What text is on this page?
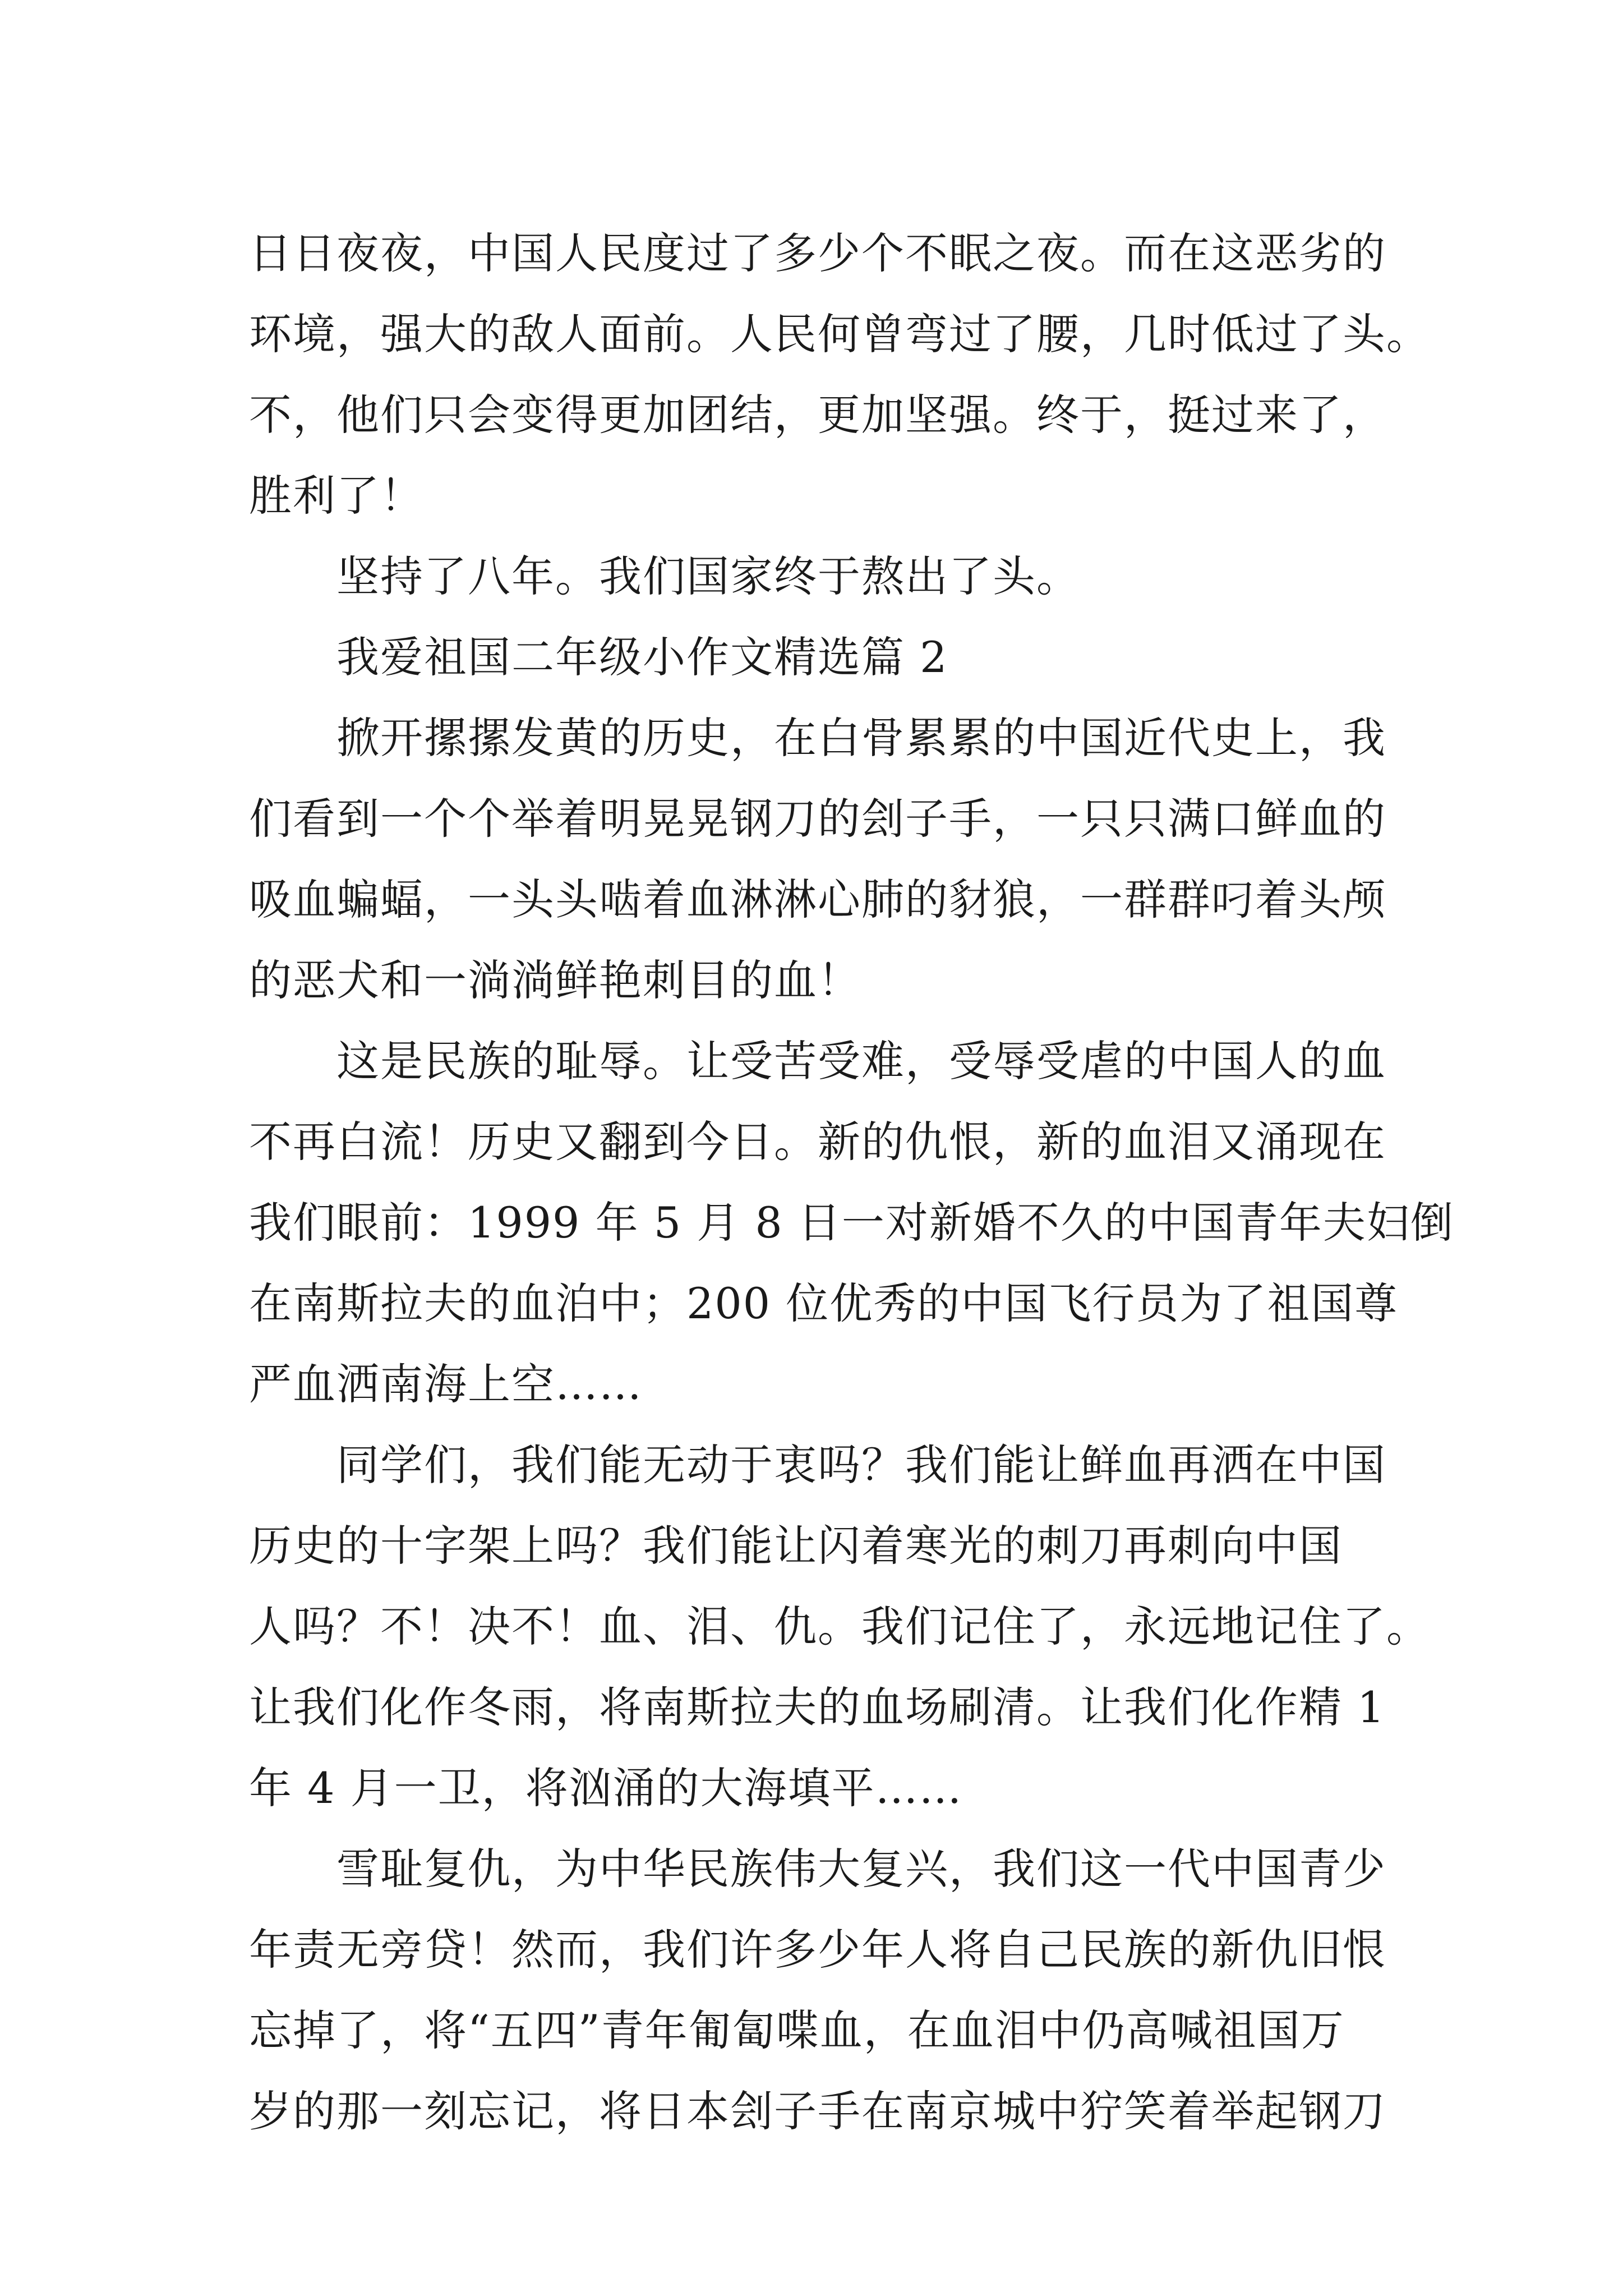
日日夜夜，中国人民度过了多少个不眠之夜。而在这恶劣的
环境，强大的敌人面前。人民何曾弯过了腰，几时低过了头。
不，他们只会变得更加团结，更加坚强。终于，挺过来了，
胜利了！
　　坚持了八年。我们国家终于熬出了头。
　　我爱祖国二年级小作文精选篇 2
　　掀开摞摞发黄的历史，在白骨累累的中国近代史上，我
们看到一个个举着明晃晃钢刀的刽子手，一只只满口鲜血的
吸血蝙蝠，一头头啮着血淋淋心肺的豺狼，一群群叼着头颅
的恶犬和一淌淌鲜艳刺目的血！
　　这是民族的耻辱。让受苦受难，受辱受虐的中国人的血
不再白流！历史又翻到今日。新的仇恨，新的血泪又涌现在
我们眼前：1999 年 5 月 8 日一对新婚不久的中国青年夫妇倒
在南斯拉夫的血泊中；200 位优秀的中国飞行员为了祖国尊
严血洒南海上空……
　　同学们，我们能无动于衷吗？我们能让鲜血再洒在中国
历史的十字架上吗？我们能让闪着寒光的刺刀再刺向中国
人吗？不！决不！血、泪、仇。我们记住了，永远地记住了。
让我们化作冬雨，将南斯拉夫的血场刷清。让我们化作精 1
年 4 月一卫，将汹涌的大海填平……
　　雪耻复仇，为中华民族伟大复兴，我们这一代中国青少
年责无旁贷！然而，我们许多少年人将自己民族的新仇旧恨
忘掉了，将“五四”青年匍匐喋血，在血泪中仍高喊祖国万
岁的那一刻忘记，将日本刽子手在南京城中狞笑着举起钢刀
